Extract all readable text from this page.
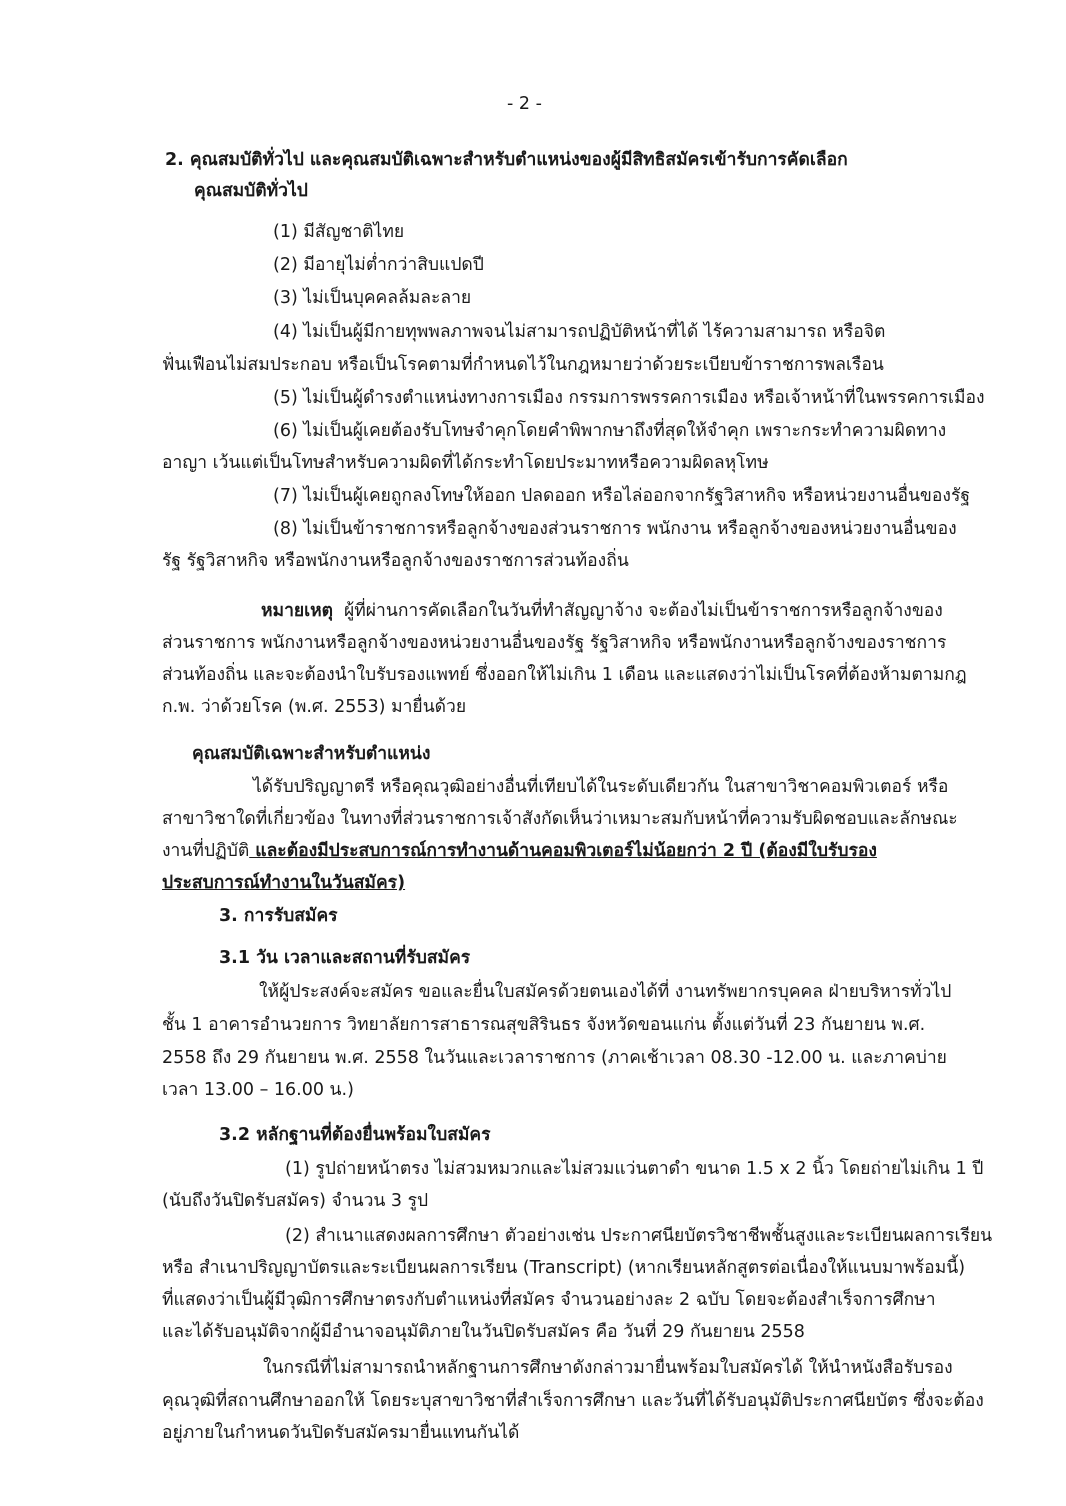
- 2 -
2. คุณสมบัติทั่วไป และคุณสมบัติเฉพาะสำหรับตำแหน่งของผู้มีสิทธิสมัครเข้ารับการคัดเลือก
คุณสมบัติทั่วไป
(1) มีสัญชาติไทย
(2) มีอายุไม่ต่ำกว่าสิบแปดปี
(3) ไม่เป็นบุคคลล้มละลาย
(4) ไม่เป็นผู้มีกายทุพพลภาพจนไม่สามารถปฏิบัติหน้าที่ได้ ไร้ความสามารถ หรือจิต
ฟั่นเฟือนไม่สมประกอบ หรือเป็นโรคตามที่กำหนดไว้ในกฎหมายว่าด้วยระเบียบข้าราชการพลเรือน
(5) ไม่เป็นผู้ดำรงตำแหน่งทางการเมือง กรรมการพรรคการเมือง หรือเจ้าหน้าที่ในพรรคการเมือง
(6) ไม่เป็นผู้เคยต้องรับโทษจำคุกโดยคำพิพากษาถึงที่สุดให้จำคุก เพราะกระทำความผิดทาง
อาญา เว้นแต่เป็นโทษสำหรับความผิดที่ได้กระทำโดยประมาทหรือความผิดลหุโทษ
(7) ไม่เป็นผู้เคยถูกลงโทษให้ออก ปลดออก หรือไล่ออกจากรัฐวิสาหกิจ หรือหน่วยงานอื่นของรัฐ
(8) ไม่เป็นข้าราชการหรือลูกจ้างของส่วนราชการ พนักงาน หรือลูกจ้างของหน่วยงานอื่นของ
รัฐ รัฐวิสาหกิจ หรือพนักงานหรือลูกจ้างของราชการส่วนท้องถิ่น
หมายเหตุ ผู้ที่ผ่านการคัดเลือกในวันที่ทำสัญญาจ้าง จะต้องไม่เป็นข้าราชการหรือลูกจ้างของ
ส่วนราชการ พนักงานหรือลูกจ้างของหน่วยงานอื่นของรัฐ รัฐวิสาหกิจ หรือพนักงานหรือลูกจ้างของราชการ
ส่วนท้องถิ่น และจะต้องนำใบรับรองแพทย์ ซึ่งออกให้ไม่เกิน 1 เดือน และแสดงว่าไม่เป็นโรคที่ต้องห้ามตามกฎ
ก.พ. ว่าด้วยโรค (พ.ศ. 2553) มายื่นด้วย
คุณสมบัติเฉพาะสำหรับตำแหน่ง
ได้รับปริญญาตรี หรือคุณวุฒิอย่างอื่นที่เทียบได้ในระดับเดียวกัน ในสาขาวิชาคอมพิวเตอร์ หรือ
สาขาวิชาใดที่เกี่ยวข้อง ในทางที่ส่วนราชการเจ้าสังกัดเห็นว่าเหมาะสมกับหน้าที่ความรับผิดชอบและลักษณะ
งานที่ปฏิบัติ และต้องมีประสบการณ์การทำงานด้านคอมพิวเตอร์ไม่น้อยกว่า 2 ปี (ต้องมีใบรับรอง
ประสบการณ์ทำงานในวันสมัคร)
3. การรับสมัคร
3.1 วัน เวลาและสถานที่รับสมัคร
ให้ผู้ประสงค์จะสมัคร ขอและยื่นใบสมัครด้วยตนเองได้ที่ งานทรัพยากรบุคคล ฝ่ายบริหารทั่วไป
ชั้น 1 อาคารอำนวยการ วิทยาลัยการสาธารณสุขสิรินธร จังหวัดขอนแก่น ตั้งแต่วันที่ 23 กันยายน พ.ศ.
2558 ถึง 29 กันยายน พ.ศ. 2558 ในวันและเวลาราชการ (ภาคเช้าเวลา 08.30 -12.00 น. และภาคบ่าย
เวลา 13.00 – 16.00 น.)
3.2 หลักฐานที่ต้องยื่นพร้อมใบสมัคร
(1) รูปถ่ายหน้าตรง ไม่สวมหมวกและไม่สวมแว่นตาดำ ขนาด 1.5 x 2 นิ้ว โดยถ่ายไม่เกิน 1 ปี
(นับถึงวันปิดรับสมัคร) จำนวน 3 รูป
(2) สำเนาแสดงผลการศึกษา ตัวอย่างเช่น ประกาศนียบัตรวิชาชีพชั้นสูงและระเบียนผลการเรียน
หรือ สำเนาปริญญาบัตรและระเบียนผลการเรียน (Transcript) (หากเรียนหลักสูตรต่อเนื่องให้แนบมาพร้อมนี้)
ที่แสดงว่าเป็นผู้มีวุฒิการศึกษาตรงกับตำแหน่งที่สมัคร จำนวนอย่างละ 2 ฉบับ โดยจะต้องสำเร็จการศึกษา
และได้รับอนุมัติจากผู้มีอำนาจอนุมัติภายในวันปิดรับสมัคร คือ วันที่ 29 กันยายน 2558
ในกรณีที่ไม่สามารถนำหลักฐานการศึกษาดังกล่าวมายื่นพร้อมใบสมัครได้ ให้นำหนังสือรับรอง
คุณวุฒิที่สถานศึกษาออกให้ โดยระบุสาขาวิชาที่สำเร็จการศึกษา และวันที่ได้รับอนุมัติประกาศนียบัตร ซึ่งจะต้อง
อยู่ภายในกำหนดวันปิดรับสมัครมายื่นแทนกันได้
